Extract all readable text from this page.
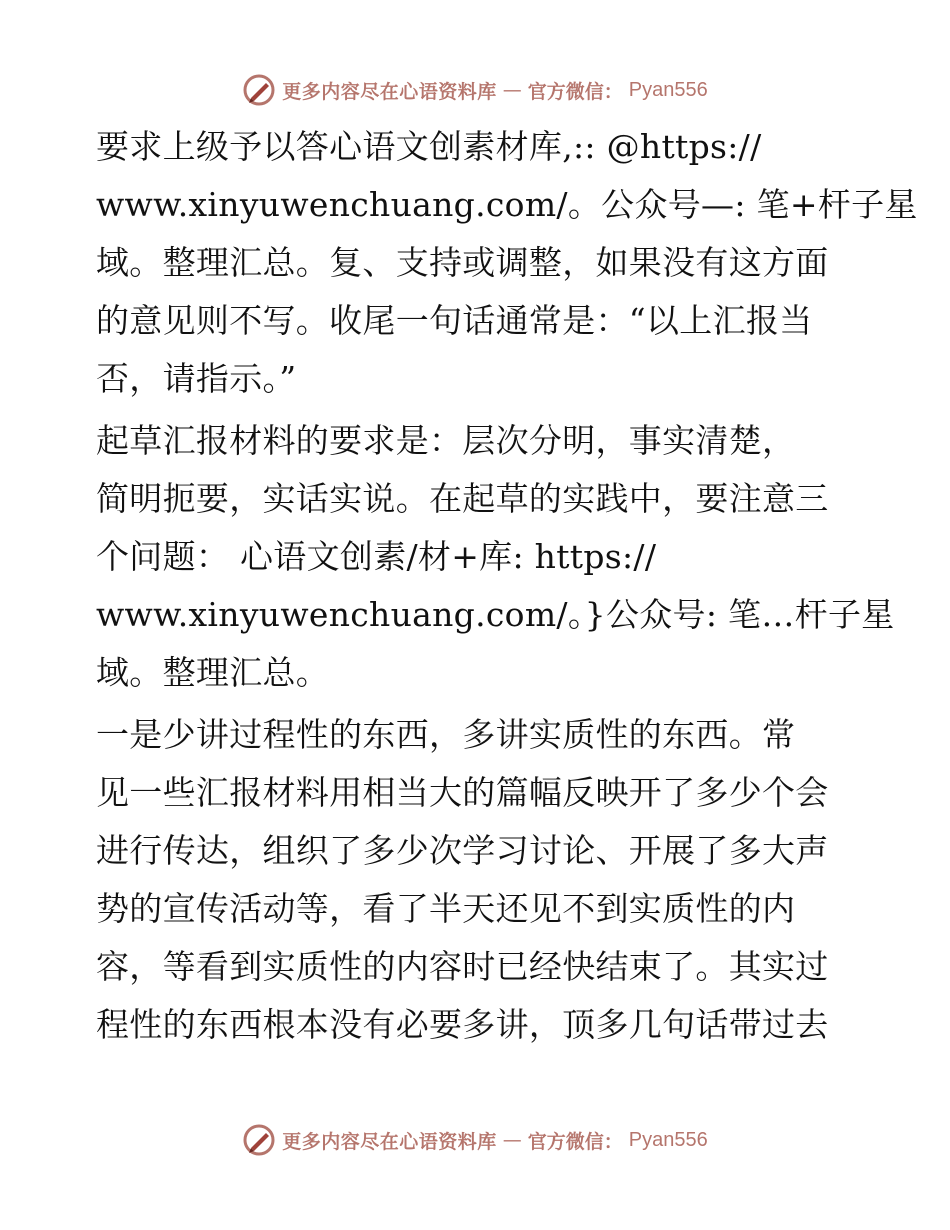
更多内容尽在心语资料库 — 官方微信： Pyan556
要求上级予以答心语文创素材库,:: @https://
www.xinyuwenchuang.com/。公众号—: 笔+杆子星
域。整理汇总。复、支持或调整，如果没有这方面
的意见则不写。收尾一句话通常是：“以上汇报当
否，请指示。”
起草汇报材料的要求是：层次分明，事实清楚，
简明扼要，实话实说。在起草的实践中，要注意三
个问题： 心语文创素/材+库: https://
www.xinyuwenchuang.com/。}公众号: 笔…杆子星
域。整理汇总。
一是少讲过程性的东西，多讲实质性的东西。常
见一些汇报材料用相当大的篇幅反映开了多少个会
进行传达，组织了多少次学习讨论、开展了多大声
势的宣传活动等，看了半天还见不到实质性的内
容，等看到实质性的内容时已经快结束了。其实过
程性的东西根本没有必要多讲，顶多几句话带过去
更多内容尽在心语资料库 — 官方微信： Pyan556
